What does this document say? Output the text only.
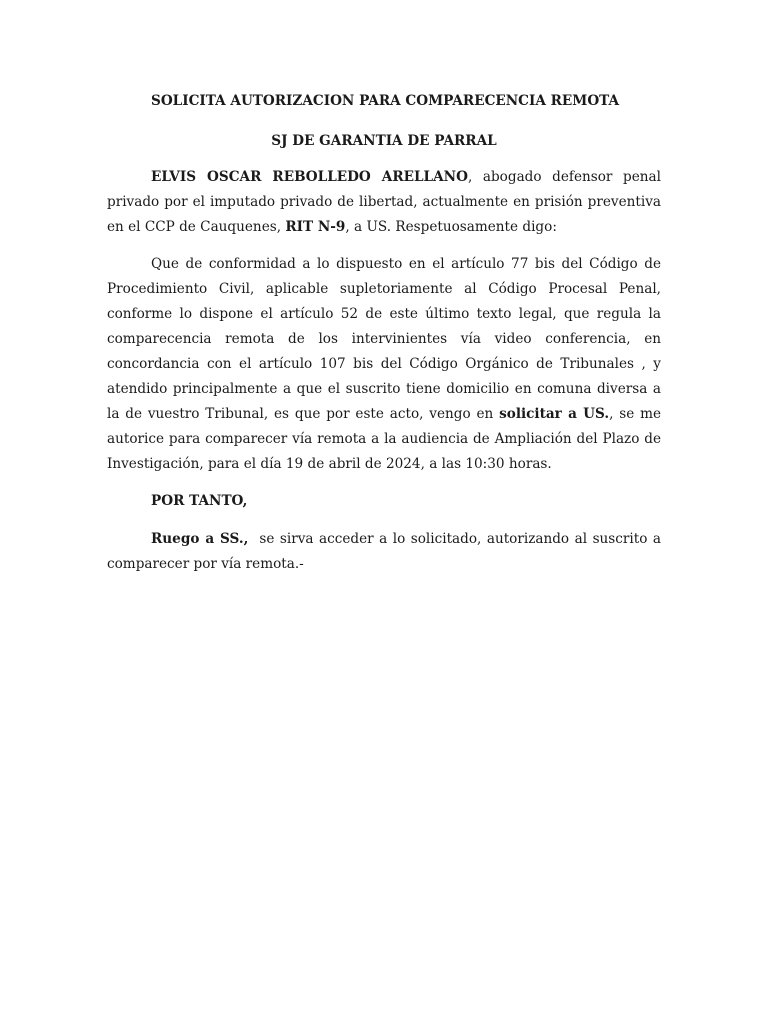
SOLICITA AUTORIZACION PARA COMPARECENCIA REMOTA

SJ DE GARANTIA DE PARRAL

ELVIS OSCAR REBOLLEDO ARELLANO, abogado defensor penal privado por el imputado privado de libertad, actualmente en prisión preventiva en el CCP de Cauquenes, RIT N-9, a US. Respetuosamente digo:

Que de conformidad a lo dispuesto en el artículo 77 bis del Código de Procedimiento Civil, aplicable supletoriamente al Código Procesal Penal, conforme lo dispone el artículo 52 de este último texto legal, que regula la comparecencia remota de los intervinientes vía video conferencia, en concordancia con el artículo 107 bis del Código Orgánico de Tribunales , y atendido principalmente a que el suscrito tiene domicilio en comuna diversa a la de vuestro Tribunal, es que por este acto, vengo en solicitar a US., se me autorice para comparecer vía remota a la audiencia de Ampliación del Plazo de Investigación, para el día 19 de abril de 2024, a las 10:30 horas.

POR TANTO,

Ruego a SS.,  se sirva acceder a lo solicitado, autorizando al suscrito a comparecer por vía remota.-
